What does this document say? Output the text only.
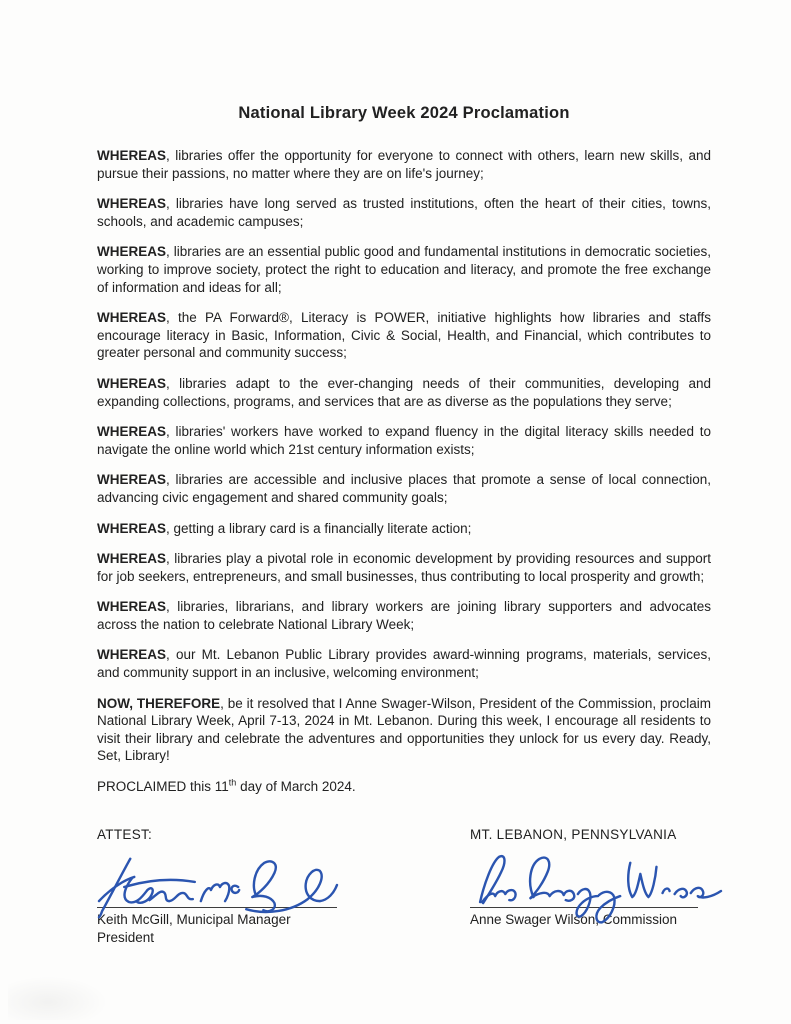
National Library Week 2024 Proclamation

WHEREAS, libraries offer the opportunity for everyone to connect with others, learn new skills, and pursue their passions, no matter where they are on life's journey;

WHEREAS, libraries have long served as trusted institutions, often the heart of their cities, towns, schools, and academic campuses;

WHEREAS, libraries are an essential public good and fundamental institutions in democratic societies, working to improve society, protect the right to education and literacy, and promote the free exchange of information and ideas for all;

WHEREAS, the PA Forward®, Literacy is POWER, initiative highlights how libraries and staffs encourage literacy in Basic, Information, Civic & Social, Health, and Financial, which contributes to greater personal and community success;

WHEREAS, libraries adapt to the ever-changing needs of their communities, developing and expanding collections, programs, and services that are as diverse as the populations they serve;

WHEREAS, libraries' workers have worked to expand fluency in the digital literacy skills needed to navigate the online world which 21st century information exists;

WHEREAS, libraries are accessible and inclusive places that promote a sense of local connection, advancing civic engagement and shared community goals;

WHEREAS, getting a library card is a financially literate action;

WHEREAS, libraries play a pivotal role in economic development by providing resources and support for job seekers, entrepreneurs, and small businesses, thus contributing to local prosperity and growth;

WHEREAS, libraries, librarians, and library workers are joining library supporters and advocates across the nation to celebrate National Library Week;

WHEREAS, our Mt. Lebanon Public Library provides award-winning programs, materials, services, and community support in an inclusive, welcoming environment;

NOW, THEREFORE, be it resolved that I Anne Swager-Wilson, President of the Commission, proclaim National Library Week, April 7-13, 2024 in Mt. Lebanon. During this week, I encourage all residents to visit their library and celebrate the adventures and opportunities they unlock for us every day. Ready, Set, Library!

PROCLAIMED this 11th day of March 2024.
ATTEST:
Keith McGill, Municipal Manager
President
MT. LEBANON, PENNSYLVANIA
Anne Swager Wilson, Commission
